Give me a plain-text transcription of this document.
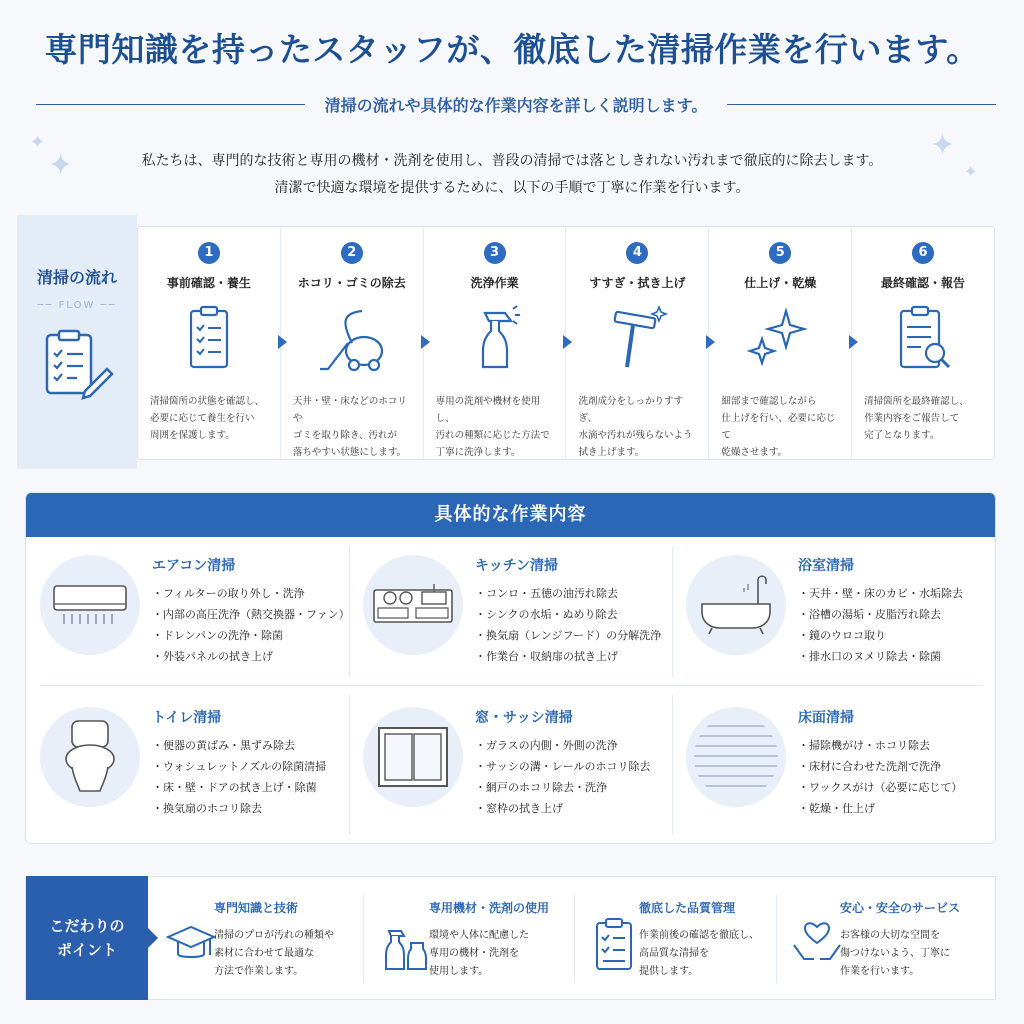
専門知識を持ったスタッフが、徹底した清掃作業を行います。
清掃の流れや具体的な作業内容を詳しく説明します。
✦
✦
✦
✦
私たちは、専門的な技術と専用の機材・洗剤を使用し、普段の清掃では落としきれない汚れまで徹底的に除去します。
清潔で快適な環境を提供するために、以下の手順で丁寧に作業を行います。
清掃の流れ
── FLOW ──
1
事前確認・養生
清掃箇所の状態を確認し、
必要に応じて養生を行い
周囲を保護します。
2
ホコリ・ゴミの除去
天井・壁・床などのホコリや
ゴミを取り除き、汚れが
落ちやすい状態にします。
3
洗浄作業
専用の洗剤や機材を使用し、
汚れの種類に応じた方法で
丁寧に洗浄します。
4
すすぎ・拭き上げ
洗剤成分をしっかりすすぎ、
水滴や汚れが残らないよう
拭き上げます。
5
仕上げ・乾燥
細部まで確認しながら
仕上げを行い、必要に応じて
乾燥させます。
6
最終確認・報告
清掃箇所を最終確認し、
作業内容をご報告して
完了となります。
具体的な作業内容
エアコン清掃
・フィルターの取り外し・洗浄
・内部の高圧洗浄（熱交換器・ファン）
・ドレンパンの洗浄・除菌
・外装パネルの拭き上げ
キッチン清掃
・コンロ・五徳の油汚れ除去
・シンクの水垢・ぬめり除去
・換気扇（レンジフード）の分解洗浄
・作業台・収納扉の拭き上げ
浴室清掃
・天井・壁・床のカビ・水垢除去
・浴槽の湯垢・皮脂汚れ除去
・鏡のウロコ取り
・排水口のヌメリ除去・除菌
トイレ清掃
・便器の黄ばみ・黒ずみ除去
・ウォシュレットノズルの除菌清掃
・床・壁・ドアの拭き上げ・除菌
・換気扇のホコリ除去
窓・サッシ清掃
・ガラスの内側・外側の洗浄
・サッシの溝・レールのホコリ除去
・網戸のホコリ除去・洗浄
・窓枠の拭き上げ
床面清掃
・掃除機がけ・ホコリ除去
・床材に合わせた洗剤で洗浄
・ワックスがけ（必要に応じて）
・乾燥・仕上げ
こだわりの
ポイント
専門知識と技術
清掃のプロが汚れの種類や
素材に合わせて最適な
方法で作業します。
専用機材・洗剤の使用
環境や人体に配慮した
専用の機材・洗剤を
使用します。
徹底した品質管理
作業前後の確認を徹底し、
高品質な清掃を
提供します。
安心・安全のサービス
お客様の大切な空間を
傷つけないよう、丁寧に
作業を行います。
